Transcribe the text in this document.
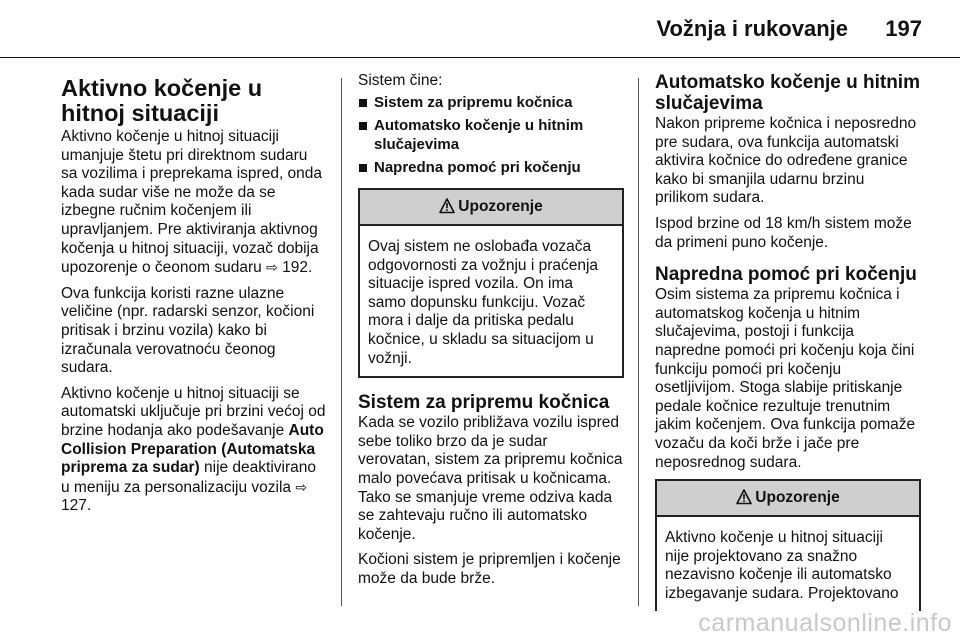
Vožnja i rukovanje 197
Aktivno kočenje u hitnoj situaciji

Aktivno kočenje u hitnoj situaciji umanjuje štetu pri direktnom sudaru sa vozilima i preprekama ispred, onda kada sudar više ne može da se izbegne ručnim kočenjem ili upravljanjem. Pre aktiviranja aktivnog kočenja u hitnoj situaciji, vozač dobija upozorenje o čeonom sudaru ⇨ 192.

Ova funkcija koristi razne ulazne veličine (npr. radarski senzor, kočioni pritisak i brzinu vozila) kako bi izračunala verovatnoću čeonog sudara.

Aktivno kočenje u hitnoj situaciji se automatski uključuje pri brzini većoj od brzine hodanja ako podešavanje Auto Collision Preparation (Automatska priprema za sudar) nije deaktivirano u meniju za personalizaciju vozila ⇨ 127.

Sistem čine:

Sistem za pripremu kočnica
Automatsko kočenje u hitnim slučajevima
Napredna pomoć pri kočenju
Upozorenje
Ovaj sistem ne oslobađa vozača odgovornosti za vožnju i praćenja situacije ispred vozila. On ima samo dopunsku funkciju. Vozač mora i dalje da pritiska pedalu kočnice, u skladu sa situacijom u vožnji.
Sistem za pripremu kočnica

Kada se vozilo približava vozilu ispred sebe toliko brzo da je sudar verovatan, sistem za pripremu kočnica malo povećava pritisak u kočnicama. Tako se smanjuje vreme odziva kada se zahtevaju ručno ili automatsko kočenje.

Kočioni sistem je pripremljen i kočenje može da bude brže.

Automatsko kočenje u hitnim slučajevima

Nakon pripreme kočnica i neposredno pre sudara, ova funkcija automatski aktivira kočnice do određene granice kako bi smanjila udarnu brzinu prilikom sudara.

Ispod brzine od 18 km/h sistem može da primeni puno kočenje.

Napredna pomoć pri kočenju

Osim sistema za pripremu kočnica i automatskog kočenja u hitnim slučajevima, postoji i funkcija napredne pomoći pri kočenju koja čini funkciju pomoći pri kočenju osetljivijom. Stoga slabije pritiskanje pedale kočnice rezultuje trenutnim jakim kočenjem. Ova funkcija pomaže vozaču da koči brže i jače pre neposrednog sudara.

Upozorenje
Aktivno kočenje u hitnoj situaciji nije projektovano za snažno nezavisno kočenje ili automatsko izbegavanje sudara. Projektovano
carmanualsonline.info
